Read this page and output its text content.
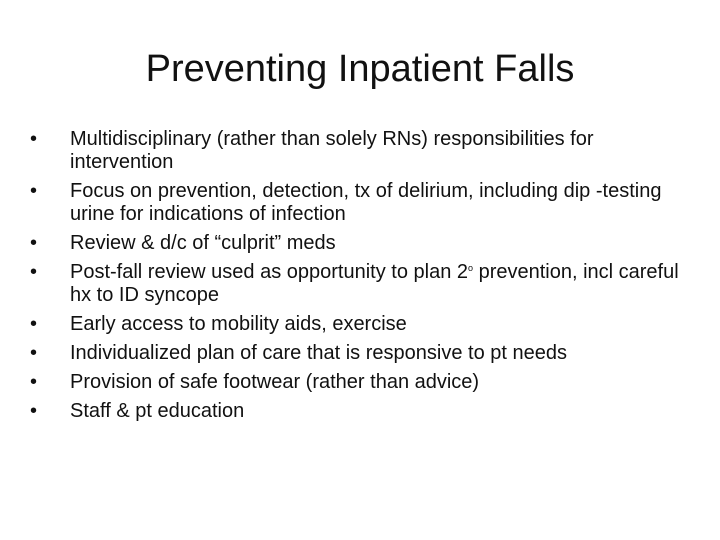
Preventing Inpatient Falls
•	Multidisciplinary (rather than solely RNs) responsibilities for intervention
•	Focus on prevention, detection, tx of delirium, including dip -testing urine for indications of infection
•	Review & d/c of “culprit” meds
•	Post-fall review used as opportunity to plan 2$^o$ prevention, incl careful hx to ID syncope
•	Early access to mobility aids, exercise
•	Individualized plan of care that is responsive to pt needs
•	Provision of safe footwear (rather than advice)
•	Staff & pt education
